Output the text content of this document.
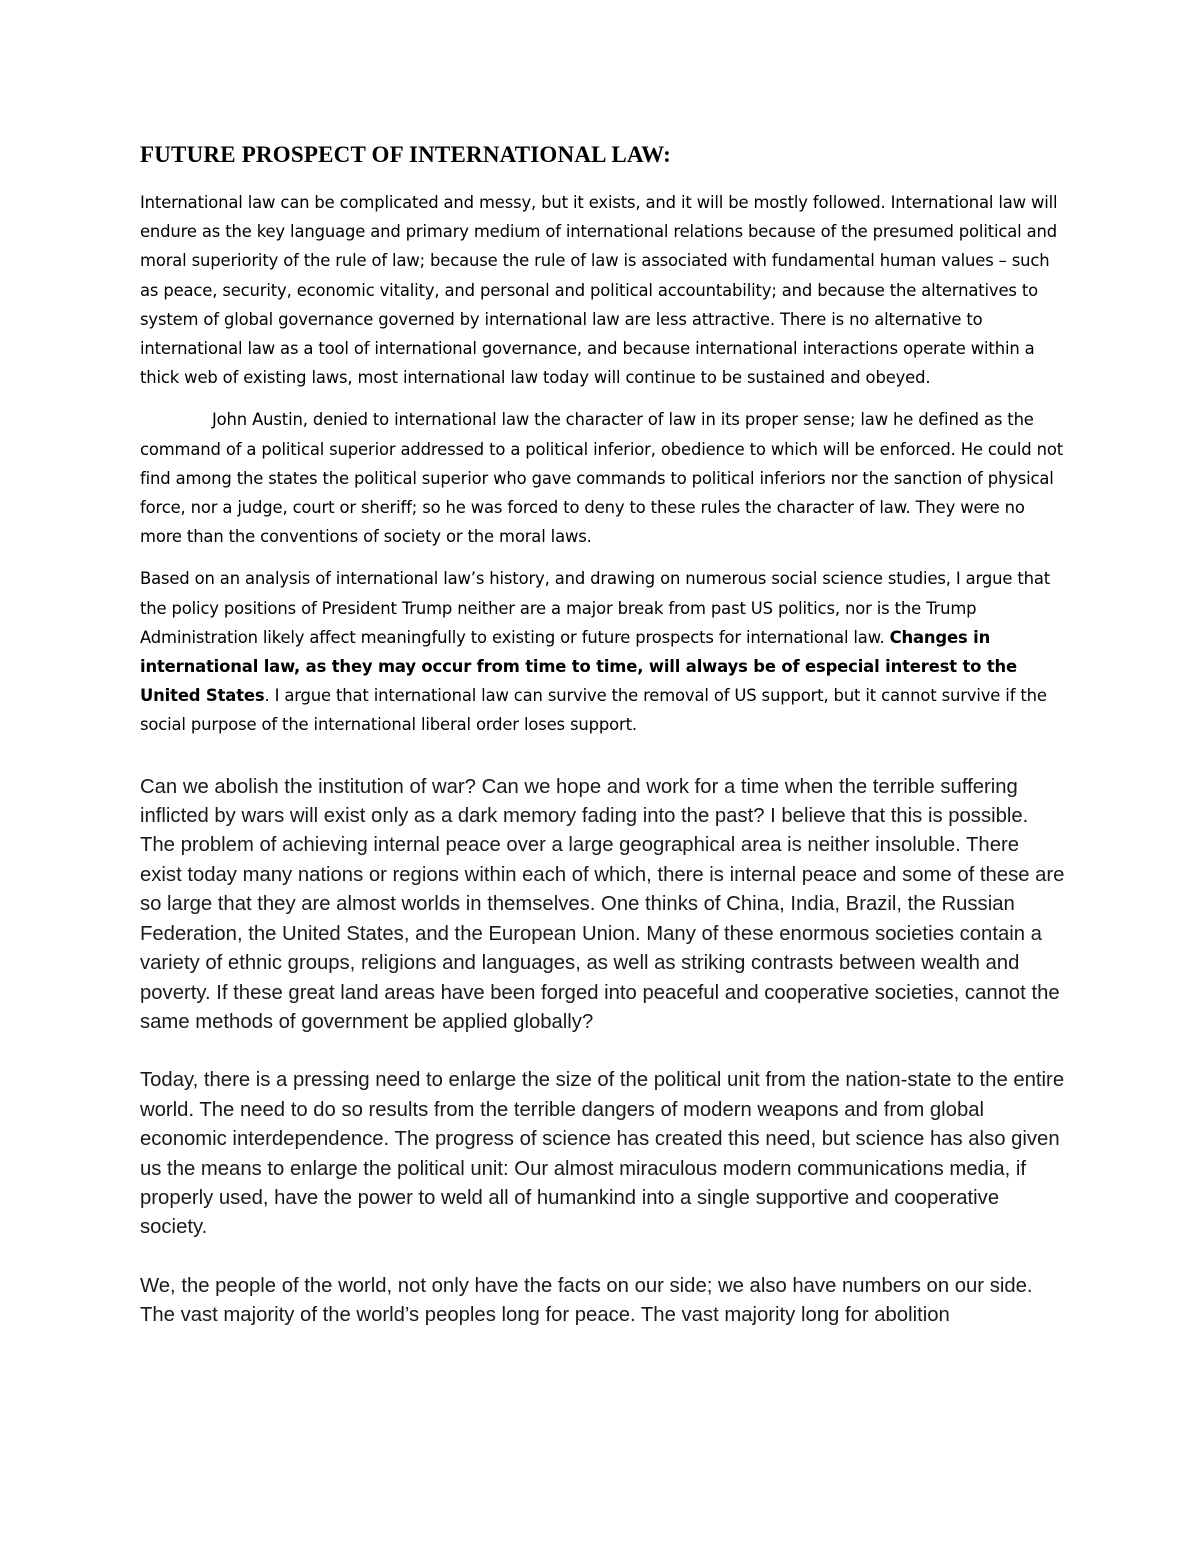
FUTURE PROSPECT OF INTERNATIONAL LAW:

International law can be complicated and messy, but it exists, and it will be mostly followed. International law will endure as the key language and primary medium of international relations because of the presumed political and moral superiority of the rule of law; because the rule of law is associated with fundamental human values – such as peace, security, economic vitality, and personal and political accountability; and because the alternatives to system of global governance governed by international law are less attractive. There is no alternative to international law as a tool of international governance, and because international interactions operate within a thick web of existing laws, most international law today will continue to be sustained and obeyed.

John Austin, denied to international law the character of law in its proper sense; law he defined as the command of a political superior addressed to a political inferior, obedience to which will be enforced. He could not find among the states the political superior who gave commands to political inferiors nor the sanction of physical force, nor a judge, court or sheriff; so he was forced to deny to these rules the character of law. They were no more than the conventions of society or the moral laws.

Based on an analysis of international law’s history, and drawing on numerous social science studies, I argue that the policy positions of President Trump neither are a major break from past US politics, nor is the Trump Administration likely affect meaningfully to existing or future prospects for international law. Changes in international law, as they may occur from time to time, will always be of especial interest to the United States. I argue that international law can survive the removal of US support, but it cannot survive if the social purpose of the international liberal order loses support.

Can we abolish the institution of war? Can we hope and work for a time when the terrible suffering inflicted by wars will exist only as a dark memory fading into the past? I believe that this is possible. The problem of achieving internal peace over a large geographical area is neither insoluble. There exist today many nations or regions within each of which, there is internal peace and some of these are so large that they are almost worlds in themselves. One thinks of China, India, Brazil, the Russian Federation, the United States, and the European Union. Many of these enormous societies contain a variety of ethnic groups, religions and languages, as well as striking contrasts between wealth and poverty. If these great land areas have been forged into peaceful and cooperative societies, cannot the same methods of government be applied globally?

Today, there is a pressing need to enlarge the size of the political unit from the nation-state to the entire world. The need to do so results from the terrible dangers of modern weapons and from global economic interdependence. The progress of science has created this need, but science has also given us the means to enlarge the political unit: Our almost miraculous modern communications media, if properly used, have the power to weld all of humankind into a single supportive and cooperative society.

We, the people of the world, not only have the facts on our side; we also have numbers on our side. The vast majority of the world’s peoples long for peace. The vast majority long for abolition
